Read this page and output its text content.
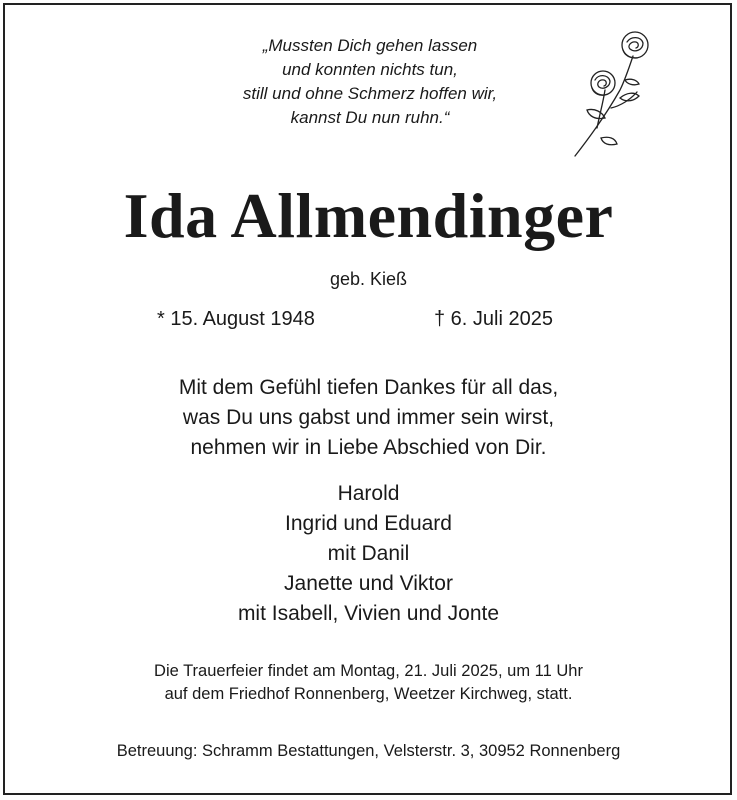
„Mussten Dich gehen lassen
und konnten nichts tun,
still und ohne Schmerz hoffen wir,
kannst Du nun ruhn.“
Ida Allmendinger
geb. Kieß
* 15. August 1948	† 6. Juli 2025
Mit dem Gefühl tiefen Dankes für all das,
was Du uns gabst und immer sein wirst,
nehmen wir in Liebe Abschied von Dir.
Harold
Ingrid und Eduard
mit Danil
Janette und Viktor
mit Isabell, Vivien und Jonte
Die Trauerfeier findet am Montag, 21. Juli 2025, um 11 Uhr
auf dem Friedhof Ronnenberg, Weetzer Kirchweg, statt.
Betreuung: Schramm Bestattungen, Velsterstr. 3, 30952 Ronnenberg
